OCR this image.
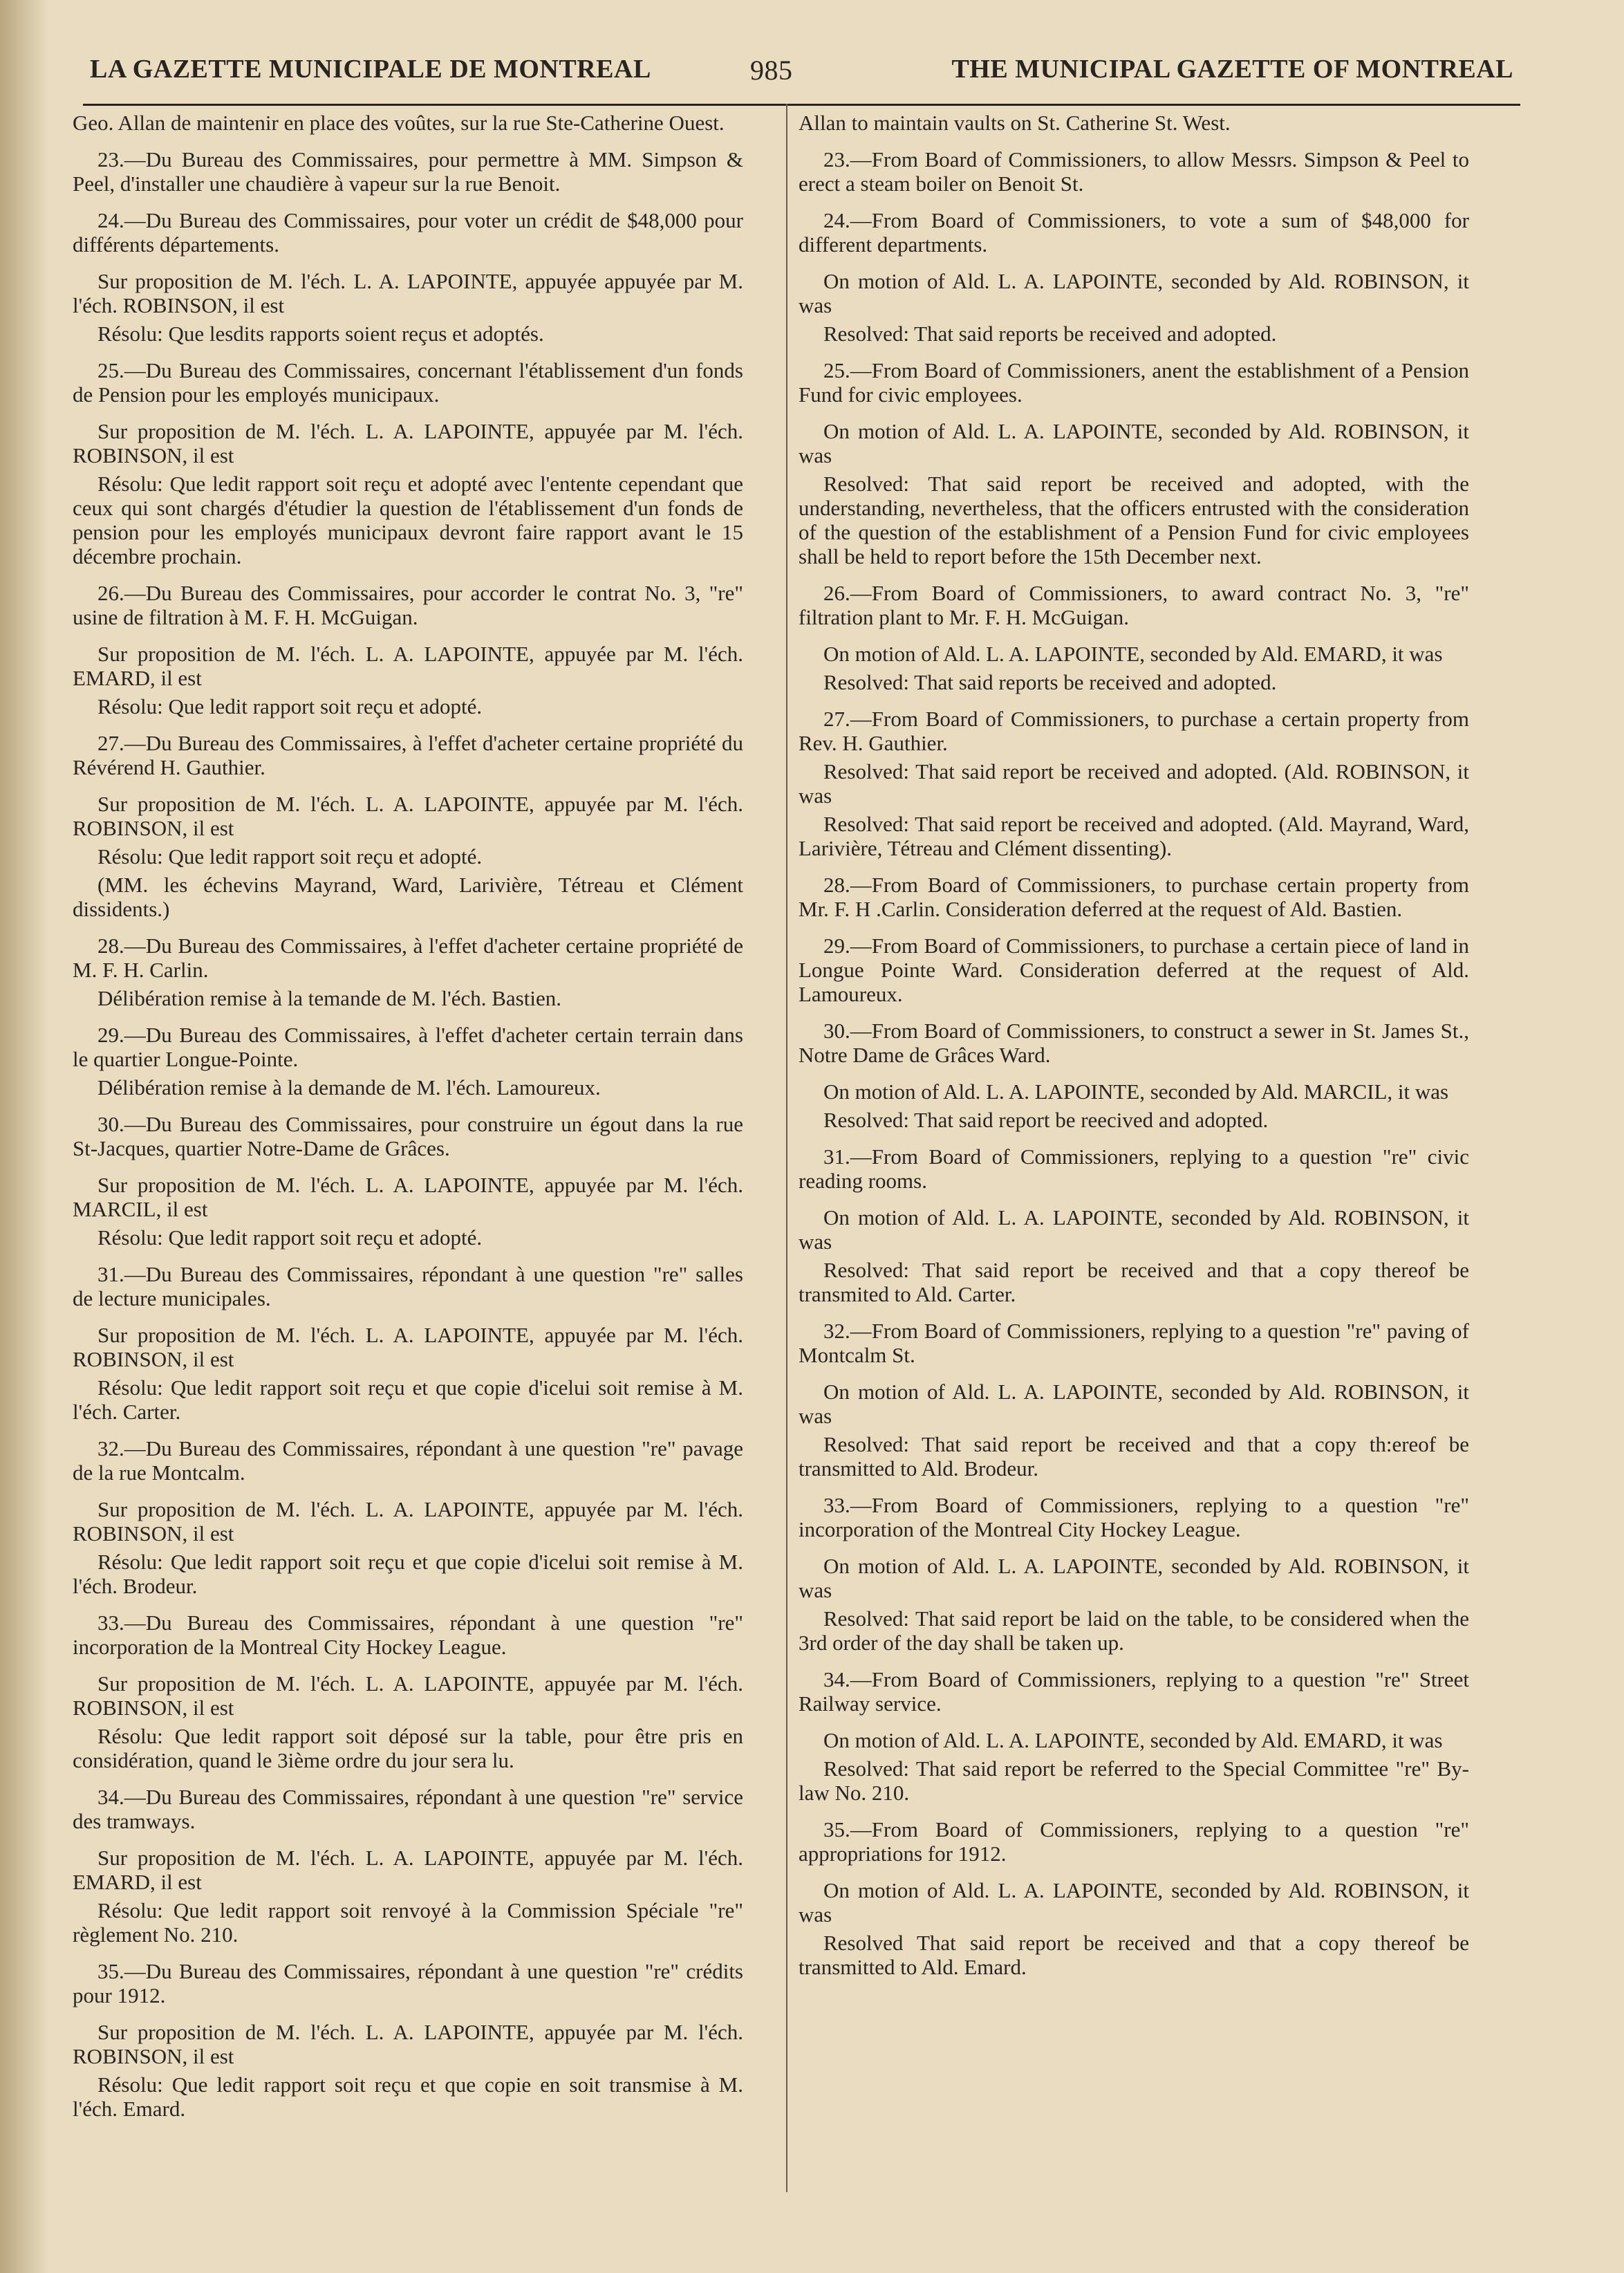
LA GAZETTE MUNICIPALE DE MONTREAL	985	THE MUNICIPAL GAZETTE OF MONTREAL

Geo. Allan de maintenir en place des voûtes, sur la rue Ste-Catherine Ouest.

23.—Du Bureau des Commissaires, pour permettre à MM. Simpson & Peel, d'installer une chaudière à vapeur sur la rue Benoit.

24.—Du Bureau des Commissaires, pour voter un crédit de $48,000 pour différents départements.

Sur proposition de M. l'éch. L. A. LAPOINTE, appuyée appuyée par M. l'éch. ROBINSON, il est

Résolu: Que lesdits rapports soient reçus et adoptés.

25.—Du Bureau des Commissaires, concernant l'établissement d'un fonds de Pension pour les employés municipaux.

Sur proposition de M. l'éch. L. A. LAPOINTE, appuyée par M. l'éch. ROBINSON, il est

Résolu: Que ledit rapport soit reçu et adopté avec l'entente cependant que ceux qui sont chargés d'étudier la question de l'établissement d'un fonds de pension pour les employés municipaux devront faire rapport avant le 15 décembre prochain.

26.—Du Bureau des Commissaires, pour accorder le contrat No. 3, "re" usine de filtration à M. F. H. McGuigan.

Sur proposition de M. l'éch. L. A. LAPOINTE, appuyée par M. l'éch. EMARD, il est

Résolu: Que ledit rapport soit reçu et adopté.

27.—Du Bureau des Commissaires, à l'effet d'acheter certaine propriété du Révérend H. Gauthier.

Sur proposition de M. l'éch. L. A. LAPOINTE, appuyée par M. l'éch. ROBINSON, il est

Résolu: Que ledit rapport soit reçu et adopté.

(MM. les échevins Mayrand, Ward, Larivière, Tétreau et Clément dissidents.)

28.—Du Bureau des Commissaires, à l'effet d'acheter certaine propriété de M. F. H. Carlin.

Délibération remise à la temande de M. l'éch. Bastien.

29.—Du Bureau des Commissaires, à l'effet d'acheter certain terrain dans le quartier Longue-Pointe.

Délibération remise à la demande de M. l'éch. Lamoureux.

30.—Du Bureau des Commissaires, pour construire un égout dans la rue St-Jacques, quartier Notre-Dame de Grâces.

Sur proposition de M. l'éch. L. A. LAPOINTE, appuyée par M. l'éch. MARCIL, il est

Résolu: Que ledit rapport soit reçu et adopté.

31.—Du Bureau des Commissaires, répondant à une question "re" salles de lecture municipales.

Sur proposition de M. l'éch. L. A. LAPOINTE, appuyée par M. l'éch. ROBINSON, il est

Résolu: Que ledit rapport soit reçu et que copie d'icelui soit remise à M. l'éch. Carter.

32.—Du Bureau des Commissaires, répondant à une question "re" pavage de la rue Montcalm.

Sur proposition de M. l'éch. L. A. LAPOINTE, appuyée par M. l'éch. ROBINSON, il est

Résolu: Que ledit rapport soit reçu et que copie d'icelui soit remise à M. l'éch. Brodeur.

33.—Du Bureau des Commissaires, répondant à une question "re" incorporation de la Montreal City Hockey League.

Sur proposition de M. l'éch. L. A. LAPOINTE, appuyée par M. l'éch. ROBINSON, il est

Résolu: Que ledit rapport soit déposé sur la table, pour être pris en considération, quand le 3ième ordre du jour sera lu.

34.—Du Bureau des Commissaires, répondant à une question "re" service des tramways.

Sur proposition de M. l'éch. L. A. LAPOINTE, appuyée par M. l'éch. EMARD, il est

Résolu: Que ledit rapport soit renvoyé à la Commission Spéciale "re" règlement No. 210.

35.—Du Bureau des Commissaires, répondant à une question "re" crédits pour 1912.

Sur proposition de M. l'éch. L. A. LAPOINTE, appuyée par M. l'éch. ROBINSON, il est

Résolu: Que ledit rapport soit reçu et que copie en soit transmise à M. l'éch. Emard.

Allan to maintain vaults on St. Catherine St. West.

23.—From Board of Commissioners, to allow Messrs. Simpson & Peel to erect a steam boiler on Benoit St.

24.—From Board of Commissioners, to vote a sum of $48,000 for different departments.

On motion of Ald. L. A. LAPOINTE, seconded by Ald. ROBINSON, it was

Resolved: That said reports be received and adopted.

25.—From Board of Commissioners, anent the establishment of a Pension Fund for civic employees.

On motion of Ald. L. A. LAPOINTE, seconded by Ald. ROBINSON, it was

Resolved: That said report be received and adopted, with the understanding, nevertheless, that the officers entrusted with the consideration of the question of the establishment of a Pension Fund for civic employees shall be held to report before the 15th December next.

26.—From Board of Commissioners, to award contract No. 3, "re" filtration plant to Mr. F. H. McGuigan.

On motion of Ald. L. A. LAPOINTE, seconded by Ald. EMARD, it was

Resolved: That said reports be received and adopted.

27.—From Board of Commissioners, to purchase a certain property from Rev. H. Gauthier.

Resolved: That said report be received and adopted. (Ald. ROBINSON, it was

Resolved: That said report be received and adopted. (Ald. Mayrand, Ward, Larivière, Tétreau and Clément dissenting).

28.—From Board of Commissioners, to purchase certain property from Mr. F. H .Carlin. Consideration deferred at the request of Ald. Bastien.

29.—From Board of Commissioners, to purchase a certain piece of land in Longue Pointe Ward. Consideration deferred at the request of Ald. Lamoureux.

30.—From Board of Commissioners, to construct a sewer in St. James St., Notre Dame de Grâces Ward.

On motion of Ald. L. A. LAPOINTE, seconded by Ald. MARCIL, it was

Resolved: That said report be reecived and adopted.

31.—From Board of Commissioners, replying to a question "re" civic reading rooms.

On motion of Ald. L. A. LAPOINTE, seconded by Ald. ROBINSON, it was

Resolved: That said report be received and that a copy thereof be transmited to Ald. Carter.

32.—From Board of Commissioners, replying to a question "re" paving of Montcalm St.

On motion of Ald. L. A. LAPOINTE, seconded by Ald. ROBINSON, it was

Resolved: That said report be received and that a copy th:ereof be transmitted to Ald. Brodeur.

33.—From Board of Commissioners, replying to a question "re" incorporation of the Montreal City Hockey League.

On motion of Ald. L. A. LAPOINTE, seconded by Ald. ROBINSON, it was

Resolved: That said report be laid on the table, to be considered when the 3rd order of the day shall be taken up.

34.—From Board of Commissioners, replying to a question "re" Street Railway service.

On motion of Ald. L. A. LAPOINTE, seconded by Ald. EMARD, it was

Resolved: That said report be referred to the Special Committee "re" By-law No. 210.

35.—From Board of Commissioners, replying to a question "re" appropriations for 1912.

On motion of Ald. L. A. LAPOINTE, seconded by Ald. ROBINSON, it was

Resolved That said report be received and that a copy thereof be transmitted to Ald. Emard.
